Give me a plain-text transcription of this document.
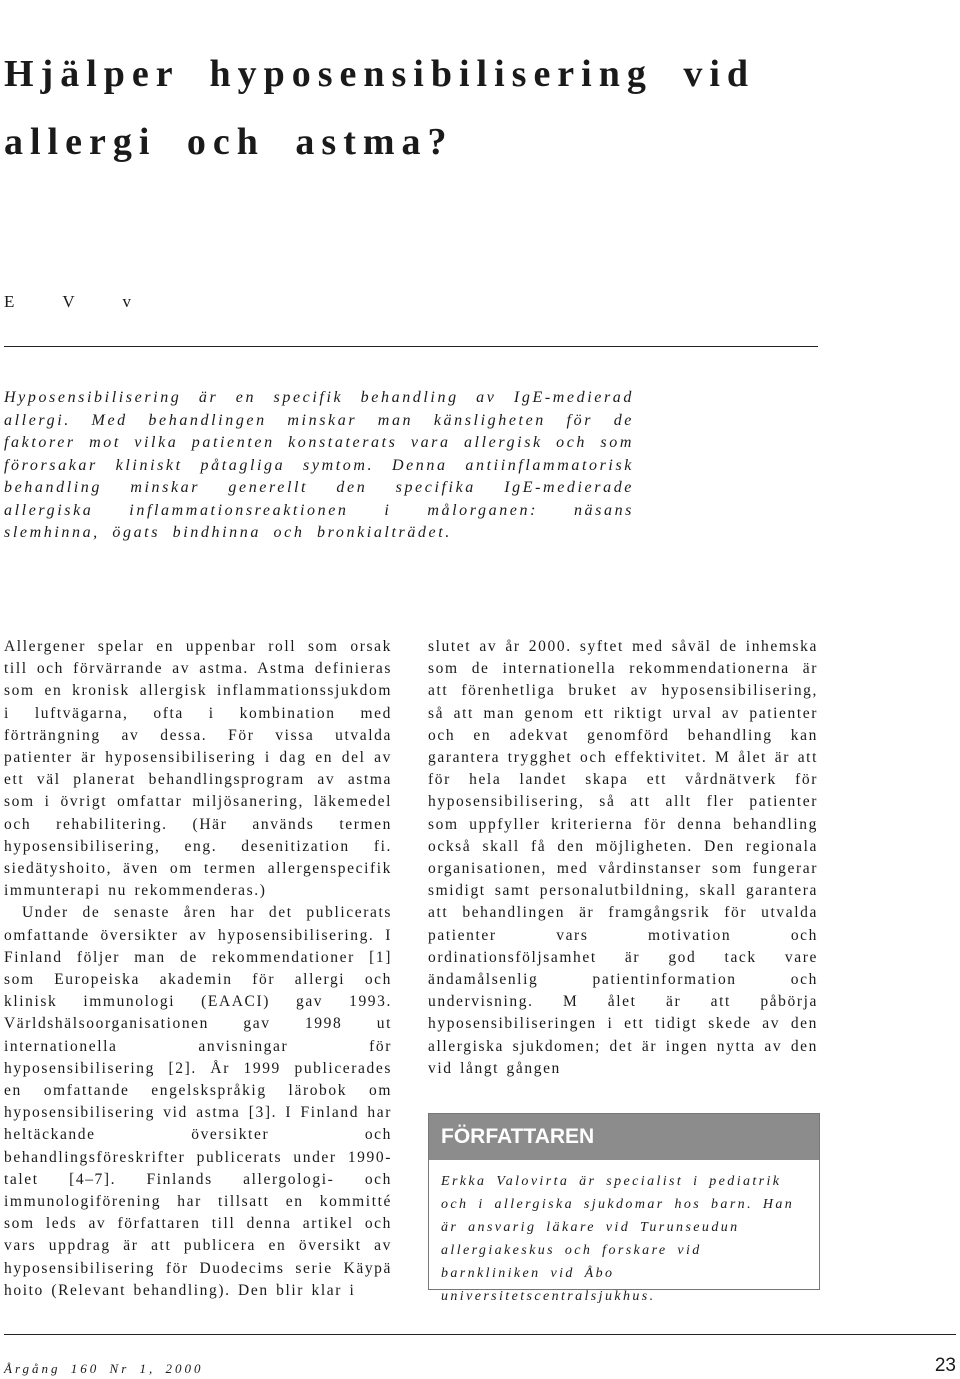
Hjälper hyposensibilisering vid allergi och astma?

E V v

Hyposensibilisering är en specifik behandling av IgE-medierad allergi. Med behandlingen minskar man känsligheten för de faktorer mot vilka patienten konstaterats vara allergisk och som förorsakar kliniskt påtagliga symtom. Denna antiinflammatorisk behandling minskar generellt den specifika IgE-medierade allergiska inflammationsreaktionen i målorganen: näsans slemhinna, ögats bindhinna och bronkialträdet.

Allergener spelar en uppenbar roll som orsak till och förvärrande av astma. Astma definieras som en kronisk allergisk inflammationssjukdom i luftvägarna, ofta i kombination med förträngning av dessa. För vissa utvalda patienter är hyposensibilisering i dag en del av ett väl planerat behandlingsprogram av astma som i övrigt omfattar miljösanering, läkemedel och rehabilitering. (Här används termen hyposensibilisering, eng. desenitization fi. siedätyshoito, även om termen allergenspecifik immunterapi nu rekommenderas.)

Under de senaste åren har det publicerats omfattande översikter av hyposensibilisering. I Finland följer man de rekommendationer [1] som Europeiska akademin för allergi och klinisk immunologi (EAACI) gav 1993. Världshälsoorganisationen gav 1998 ut internationella anvisningar för hyposensibilisering [2]. År 1999 publicerades en omfattande engelskspråkig lärobok om hyposensibilisering vid astma [3]. I Finland har heltäckande översikter och behandlingsföreskrifter publicerats under 1990-talet [4–7]. Finlands allergologi- och immunologiförening har tillsatt en kommitté som leds av författaren till denna artikel och vars uppdrag är att publicera en översikt av hyposensibilisering för Duodecims serie Käypä hoito (Relevant behandling). Den blir klar i

slutet av år 2000. syftet med såväl de inhemska som de internationella rekommendationerna är att förenhetliga bruket av hyposensibilisering, så att man genom ett riktigt urval av patienter och en adekvat genomförd behandling kan garantera trygghet och effektivitet. M ålet är att för hela landet skapa ett vårdnätverk för hyposensibilisering, så att allt fler patienter som uppfyller kriterierna för denna behandling också skall få den möjligheten. Den regionala organisationen, med vårdinstanser som fungerar smidigt samt personalutbildning, skall garantera att behandlingen är framgångsrik för utvalda patienter vars motivation och ordinationsföljsamhet är god tack vare ändamålsenlig patientinformation och undervisning. M ålet är att påbörja hyposensibiliseringen i ett tidigt skede av den allergiska sjukdomen; det är ingen nytta av den vid långt gången

FÖRFATTAREN

Erkka Valovirta är specialist i pediatrik och i allergiska sjukdomar hos barn. Han är ansvarig läkare vid Turunseudun allergiakeskus och forskare vid barnkliniken vid Åbo universitetscentralsjukhus.

Årgång 160 Nr 1, 2000	23
